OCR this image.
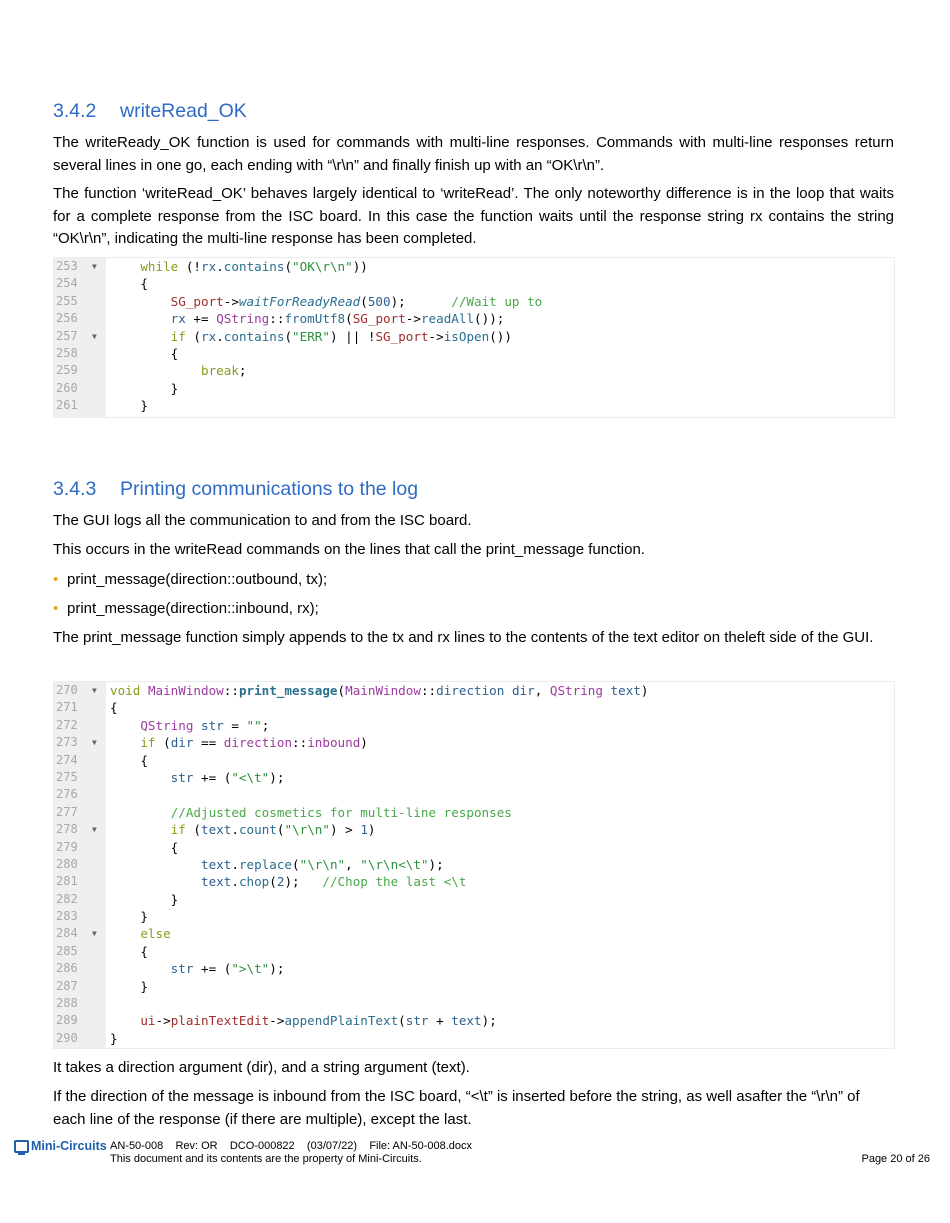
3.4.2 writeRead_OK

The writeReady_OK function is used for commands with multi-line responses. Commands with multi-line responses return several lines in one go, each ending with “\r\n” and finally finish up with an “OK\r\n”.

The function ‘writeRead_OK’ behaves largely identical to ‘writeRead’. The only noteworthy difference is in the loop that waits for a complete response from the ISC board. In this case the function waits until the response string rx contains the string “OK\r\n”, indicating the multi-line response has been completed.

253 ▼	while (!rx.contains("OK\r\n"))
254	{
255	SG_port->waitForReadyRead(500);      //Wait up to
256	rx += QString::fromUtf8(SG_port->readAll());
257 ▼	if (rx.contains("ERR") || !SG_port->isOpen())
258	{
259	break;
260	}
261	}
3.4.3 Printing communications to the log

The GUI logs all the communication to and from the ISC board.

This occurs in the writeRead commands on the lines that call the print_message function.

• print_message(direction::outbound, tx);

• print_message(direction::inbound, rx);

The print_message function simply appends to the tx and rx lines to the contents of the text editor on theleft side of the GUI.

270 ▼ void MainWindow::print_message(MainWindow::direction dir, QString text)
271	{
272	QString str = "";
273 ▼	if (dir == direction::inbound)
274	{
275	str += ("<\t");
276

277	//Adjusted cosmetics for multi-line responses
278 ▼	if (text.count("\r\n") > 1)
279	{
280	text.replace("\r\n", "\r\n<\t");
281	text.chop(2);   //Chop the last <\t
282	}
283	}
284 ▼	else
285	{
286	str += (">\t");
287	}
288

289	ui->plainTextEdit->appendPlainText(str + text);
290	}

It takes a direction argument (dir), and a string argument (text).

If the direction of the message is inbound from the ISC board, “<\t” is inserted before the string, as well asafter the “\r\n” of each line of the response (if there are multiple), except the last.

Mini-Circuits AN-50-008 Rev: OR DCO-000822 (03/07/22) File: AN-50-008.docx
This document and its contents are the property of Mini-Circuits.	Page 20 of 26
